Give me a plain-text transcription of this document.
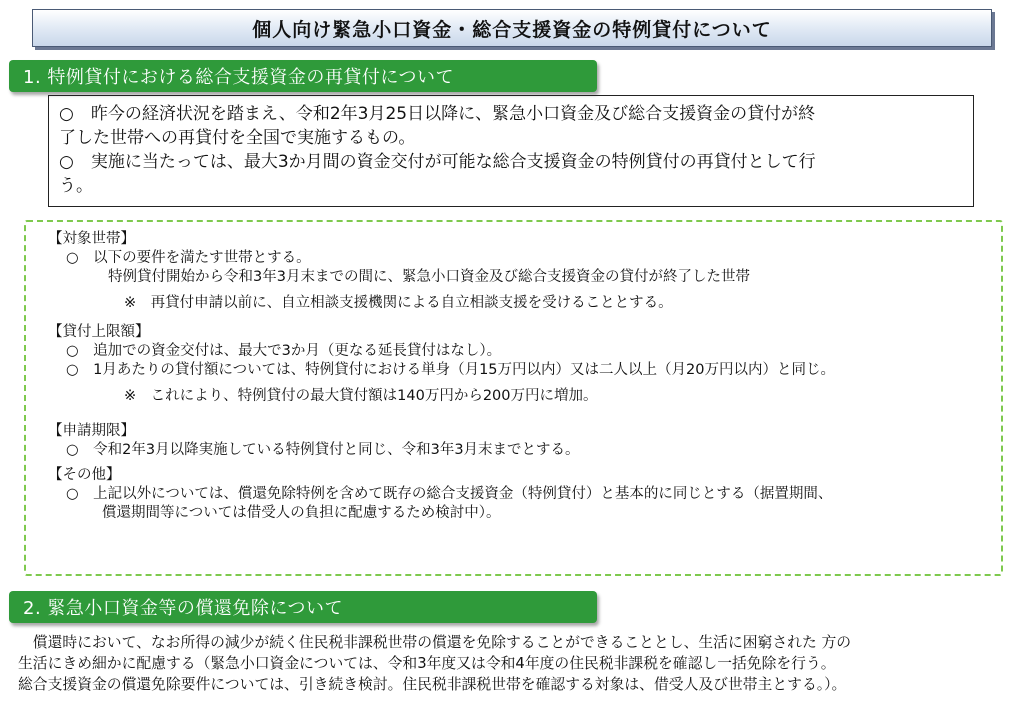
個人向け緊急小口資金・総合支援資金の特例貸付について
1. 特例貸付における総合支援資金の再貸付について

○　昨今の経済状況を踏まえ、令和2年3月25日以降に、緊急小口資金及び総合支援資金の貸付が終

了した世帯への再貸付を全国で実施するもの。

○　実施に当たっては、最大3か月間の資金交付が可能な総合支援資金の特例貸付の再貸付として行

う。

【対象世帯】
○　以下の要件を満たす世帯とする。
特例貸付開始から令和3年3月末までの間に、緊急小口資金及び総合支援資金の貸付が終了した世帯
※　再貸付申請以前に、自立相談支援機関による自立相談支援を受けることとする。
【貸付上限額】
○　追加での資金交付は、最大で3か月（更なる延長貸付はなし）。
○　1月あたりの貸付額については、特例貸付における単身（月15万円以内）又は二人以上（月20万円以内）と同じ。
※　これにより、特例貸付の最大貸付額は140万円から200万円に増加。
【申請期限】
○　令和2年3月以降実施している特例貸付と同じ、令和3年3月末までとする。
【その他】
○　上記以外については、償還免除特例を含めて既存の総合支援資金（特例貸付）と基本的に同じとする（据置期間、
償還期間等については借受人の負担に配慮するため検討中）。
2. 緊急小口資金等の償還免除について

　償還時において、なお所得の減少が続く住民税非課税世帯の償還を免除することができることとし、生活に困窮された 方の

生活にきめ細かに配慮する（緊急小口資金については、令和3年度又は令和4年度の住民税非課税を確認し一括免除を行う。

総合支援資金の償還免除要件については、引き続き検討。住民税非課税世帯を確認する対象は、借受人及び世帯主とする。）。
